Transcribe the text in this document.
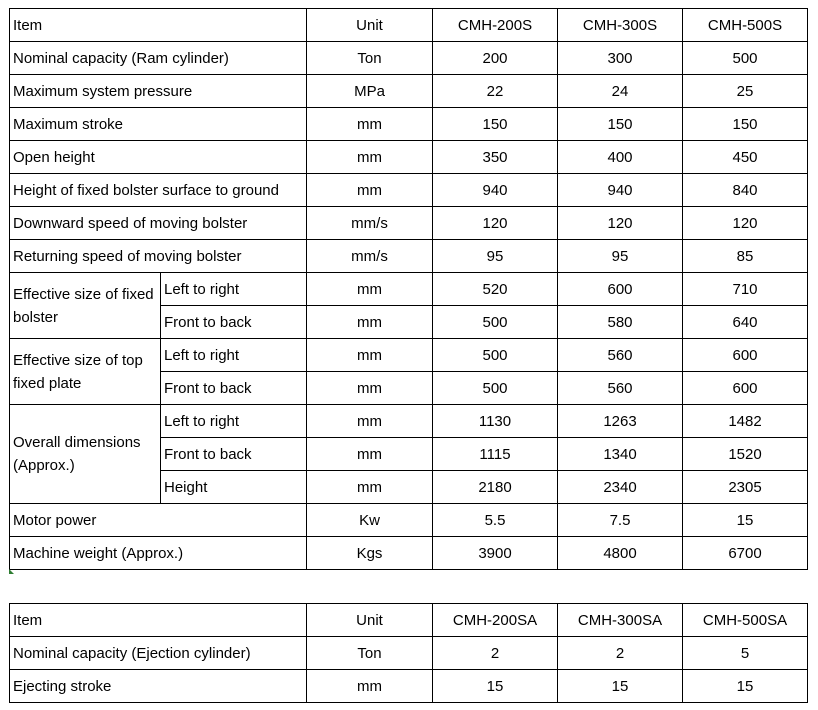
Item		Unit	CMH-200S	CMH-300S	CMH-500S
Nominal capacity (Ram cylinder)		Ton	200	300	500
Maximum system pressure		MPa	22	24	25
Maximum stroke		mm	150	150	150
Open height		mm	350	400	450
Height of fixed bolster surface to ground		mm	940	940	840
Downward speed of moving bolster		mm/s	120	120	120
Returning speed of moving bolster		mm/s	95	95	85
Effective size of fixed bolster	Left to right	mm	520	600	710
	Front to back	mm	500	580	640
Effective size of top fixed plate	Left to right	mm	500	560	600
	Front to back	mm	500	560	600
Overall dimensions (Approx.)	Left to right	mm	1130	1263	1482
	Front to back	mm	1115	1340	1520
	Height	mm	2180	2340	2305
Motor power		Kw	5.5	7.5	15
Machine weight (Approx.)		Kgs	3900	4800	6700
Item	Unit	CMH-200SA	CMH-300SA	CMH-500SA
Nominal capacity (Ejection cylinder)	Ton	2	2	5
Ejecting stroke	mm	15	15	15
